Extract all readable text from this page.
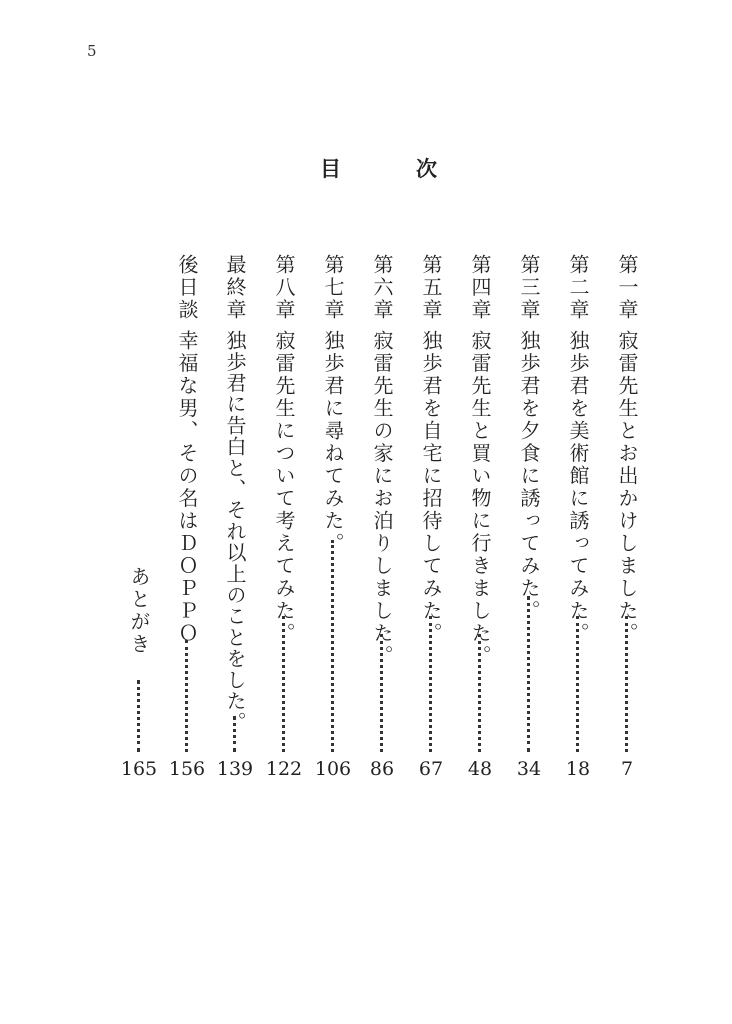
5
目	次
第一章
寂雷先生とお出かけしました。
7
第二章
独歩君を美術館に誘ってみた。
18
第三章
独歩君を夕食に誘ってみた。
34
第四章
寂雷先生と買い物に行きました。
48
第五章
独歩君を自宅に招待してみた。
67
第六章
寂雷先生の家にお泊りしました。
86
第七章
独歩君に尋ねてみた。
106
第八章
寂雷先生について考えてみた。
122
最終章
独歩君に告白と、それ以上のことをした。
139
後日談
幸福な男、その名はＤＯＰＰＯ
156
あとがき
165
